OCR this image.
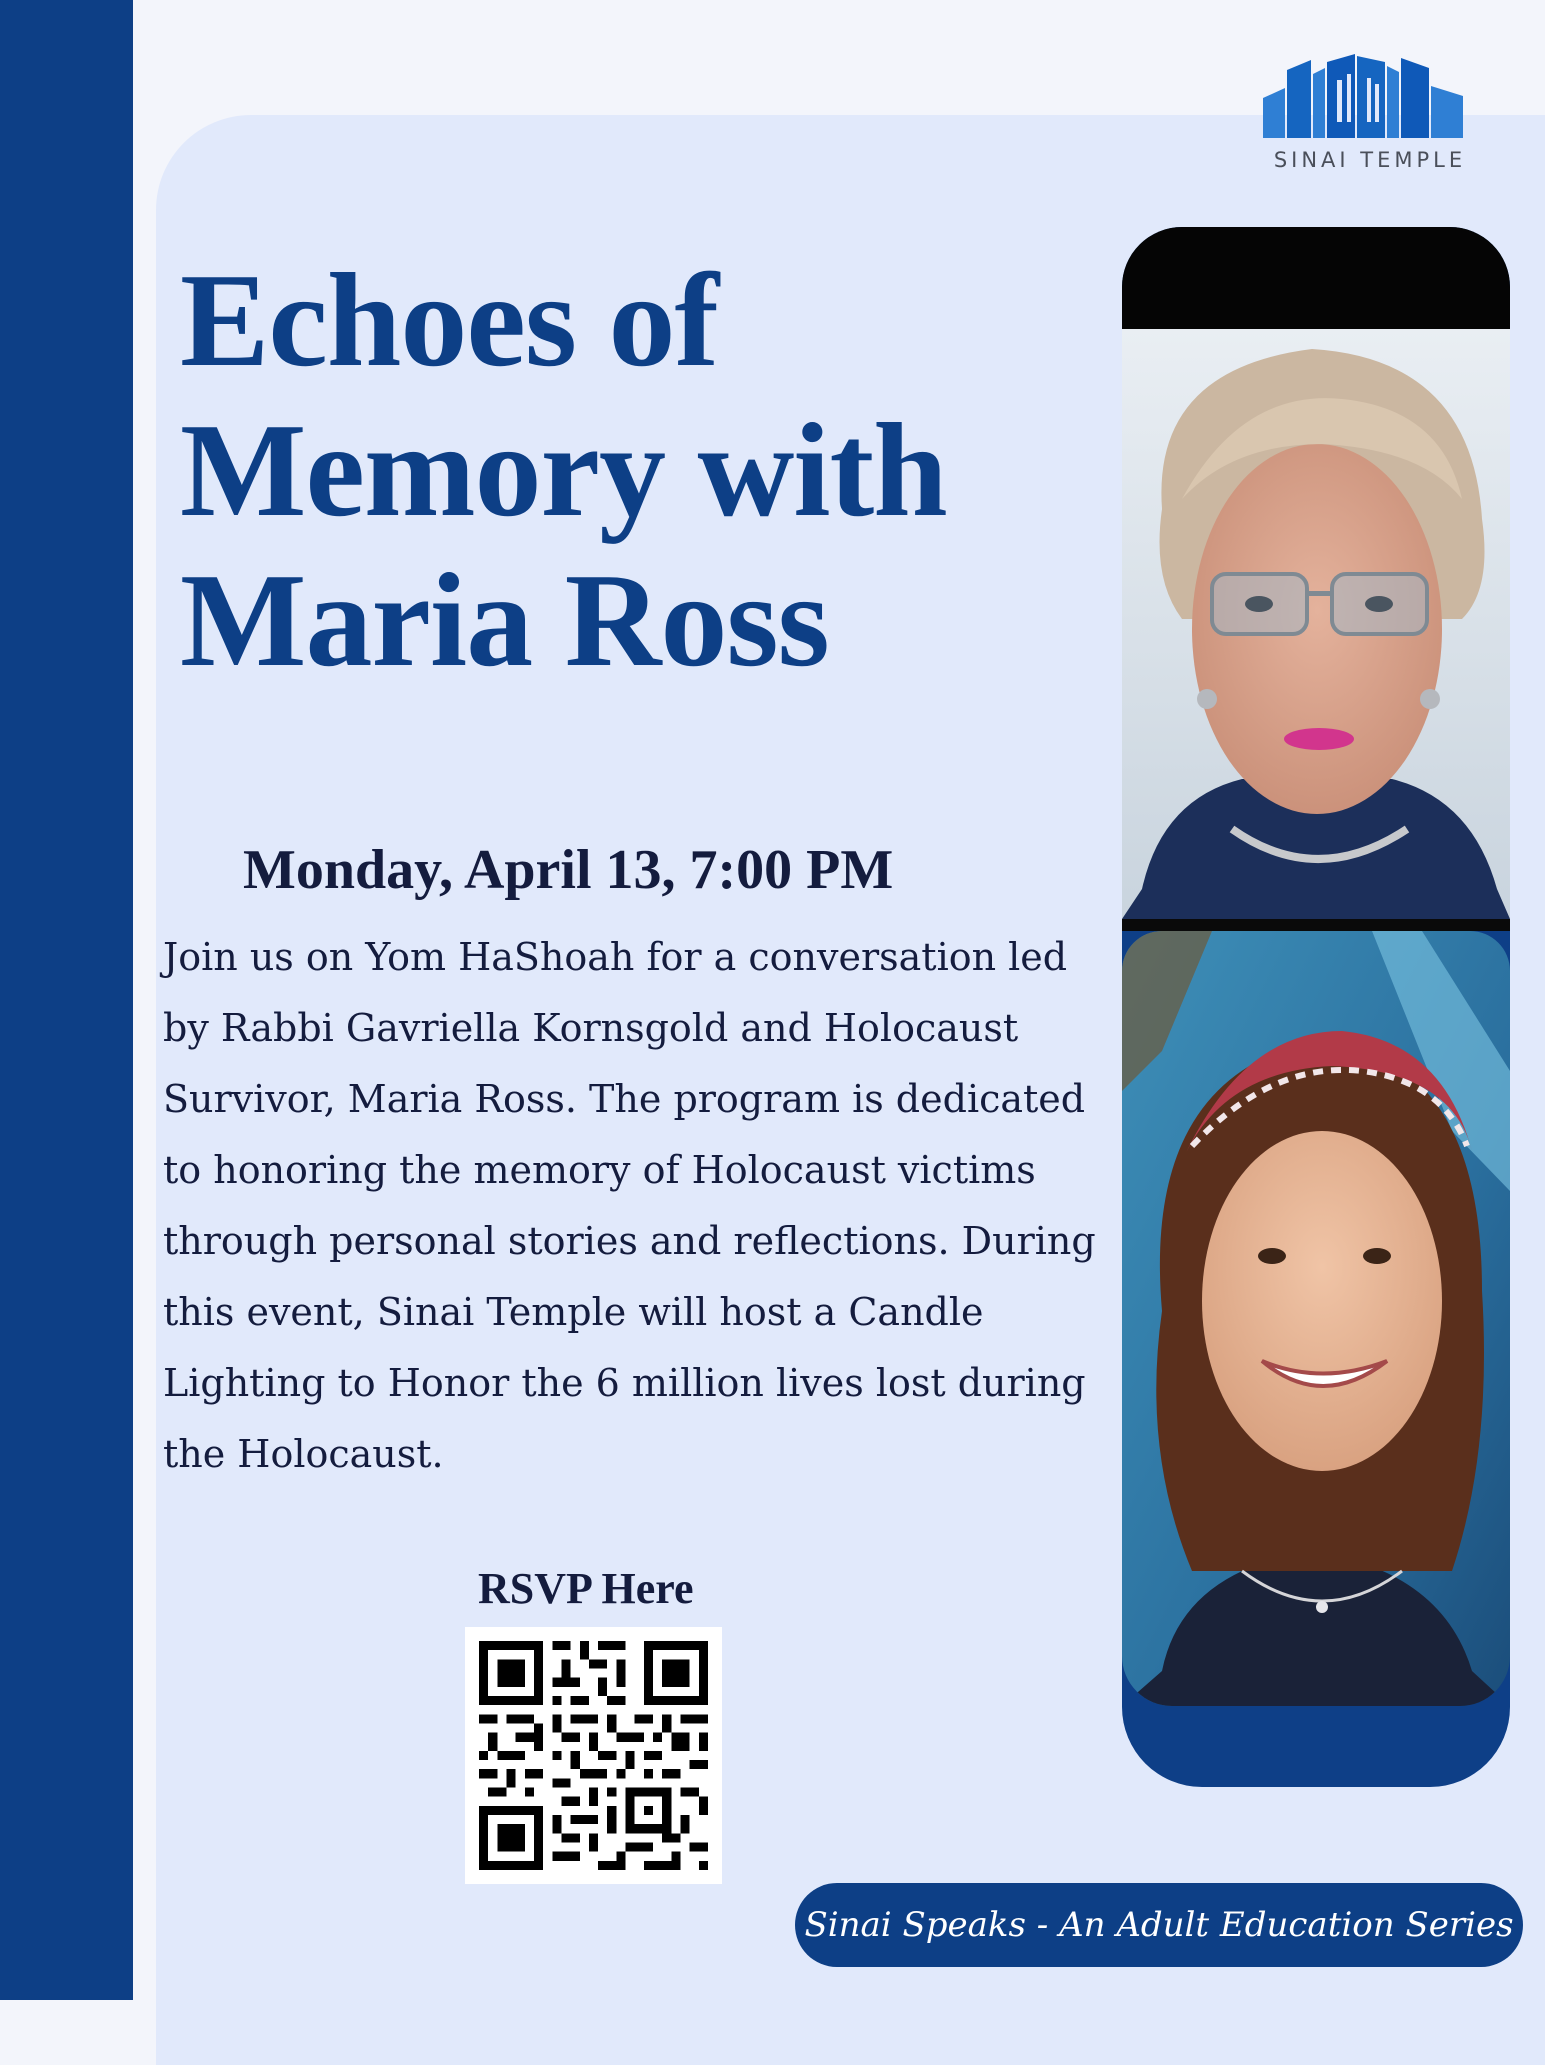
SINAI TEMPLE
Echoes of Memory with Maria Ross
Monday, April 13, 7:00 PM

Join us on Yom HaShoah for a conversation led by Rabbi Gavriella Kornsgold and Holocaust Survivor, Maria Ross. The program is dedicated to honoring the memory of Holocaust victims through personal stories and reflections. During this event, Sinai Temple will host a Candle Lighting to Honor the 6 million lives lost during the Holocaust.

RSVP Here
Sinai Speaks - An Adult Education Series
